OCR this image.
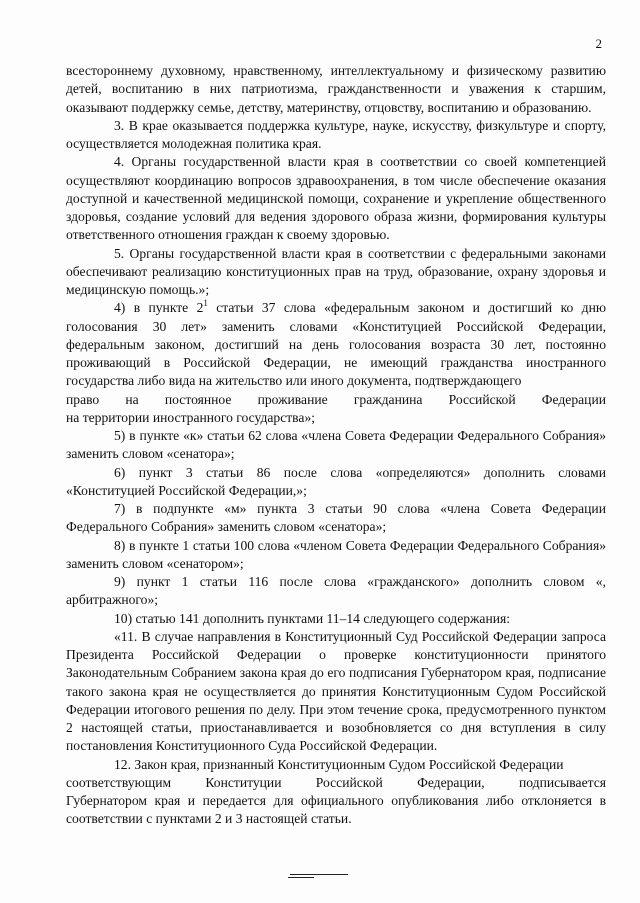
2

всестороннему духовному, нравственному, интеллектуальному и физическому развитию детей, воспитанию в них патриотизма, гражданственности и уважения к старшим, оказывают поддержку семье, детству, материнству, отцовству, воспитанию и образованию.

3. В крае оказывается поддержка культуре, науке, искусству, физкультуре и спорту, осуществляется молодежная политика края.

4. Органы государственной власти края в соответствии со своей компетенцией осуществляют координацию вопросов здравоохранения, в том числе обеспечение оказания доступной и качественной медицинской помощи, сохранение и укрепление общественного здоровья, создание условий для ведения здорового образа жизни, формирования культуры ответственного отношения граждан к своему здоровью.

5. Органы государственной власти края в соответствии с федеральными законами обеспечивают реализацию конституционных прав на труд, образование, охрану здоровья и медицинскую помощь.»;

4) в пункте $2^1$ статьи 37 слова «федеральным законом и достигший ко дню голосования 30 лет» заменить словами «Конституцией Российской Федерации, федеральным законом, достигший на день голосования возраста 30 лет, постоянно проживающий в Российской Федерации, не имеющий гражданства иностранного государства либо вида на жительство или иного документа, подтверждающего

право на постоянное проживание гражданина Российской Федерации

на территории иностранного государства»;

5) в пункте «к» статьи 62 слова «члена Совета Федерации Федерального Собрания» заменить словом «сенатора»;

6) пункт 3 статьи 86 после слова «определяются» дополнить словами «Конституцией Российской Федерации,»;

7) в подпункте «м» пункта 3 статьи 90 слова «члена Совета Федерации Федерального Собрания» заменить словом «сенатора»;

8) в пункте 1 статьи 100 слова «членом Совета Федерации Федерального Собрания» заменить словом «сенатором»;

9) пункт 1 статьи 116 после слова «гражданского» дополнить словом «, арбитражного»;

10) статью 141 дополнить пунктами 11–14 следующего содержания:

«11. В случае направления в Конституционный Суд Российской Федерации запроса Президента Российской Федерации о проверке конституционности принятого Законодательным Собранием закона края до его подписания Губернатором края, подписание такого закона края не осуществляется до принятия Конституционным Судом Российской Федерации итогового решения по делу. При этом течение срока, предусмотренного пунктом 2 настоящей статьи, приостанавливается и возобновляется со дня вступления в силу постановления Конституционного Суда Российской Федерации.

12. Закон края, признанный Конституционным Судом Российской Федерации

соответствующим	Конституции	Российской	Федерации,	подписывается

Губернатором края и передается для официального опубликования либо отклоняется в соответствии с пунктами 2 и 3 настоящей статьи.
